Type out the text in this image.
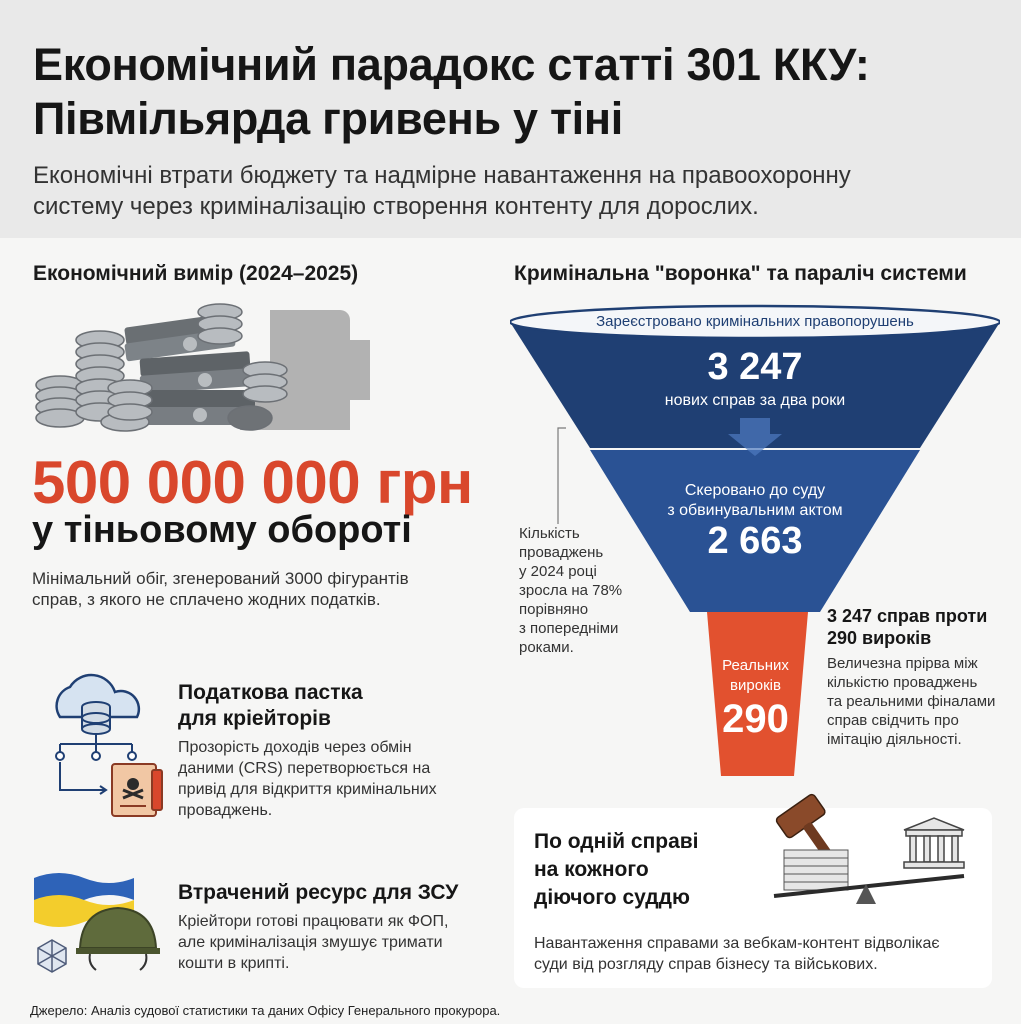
Економічний парадокс статті 301 ККУ:
Півмільярда гривень у тіні
Економічні втрати бюджету та надмірне навантаження на правоохоронну
систему через криміналізацію створення контенту для дорослих.
Економічний вимір (2024–2025)
500 000 000 грн
у тіньовому обороті
Мінімальний обіг, згенерований 3000 фігурантів
справ, з якого не сплачено жодних податків.
Податкова пастка
для кріейторів
Прозорість доходів через обмін
даними (CRS) перетворюється на
привід для відкриття кримінальних
проваджень.
Втрачений ресурс для ЗСУ
Кріейтори готові працювати як ФОП,
але криміналізація змушує тримати
кошти в крипті.
Кримінальна "воронка" та параліч системи
Зареєстровано кримінальних правопорушень
3 247
нових справ за два роки
Скеровано до суду
з обвинувальним актом
2 663
Реальних
вироків
290
Кількість
проваджень
у 2024 році
зросла на 78%
порівняно
з попередніми
роками.
3 247 справ проти
290 вироків
Величезна прірва між
кількістю проваджень
та реальними фіналами
справ свідчить про
імітацію діяльності.
По одній справі
на кожного
діючого суддю
Навантаження справами за вебкам-контент відволікає
суди від розгляду справ бізнесу та військових.
Джерело: Аналіз судової статистики та даних Офісу Генерального прокурора.
